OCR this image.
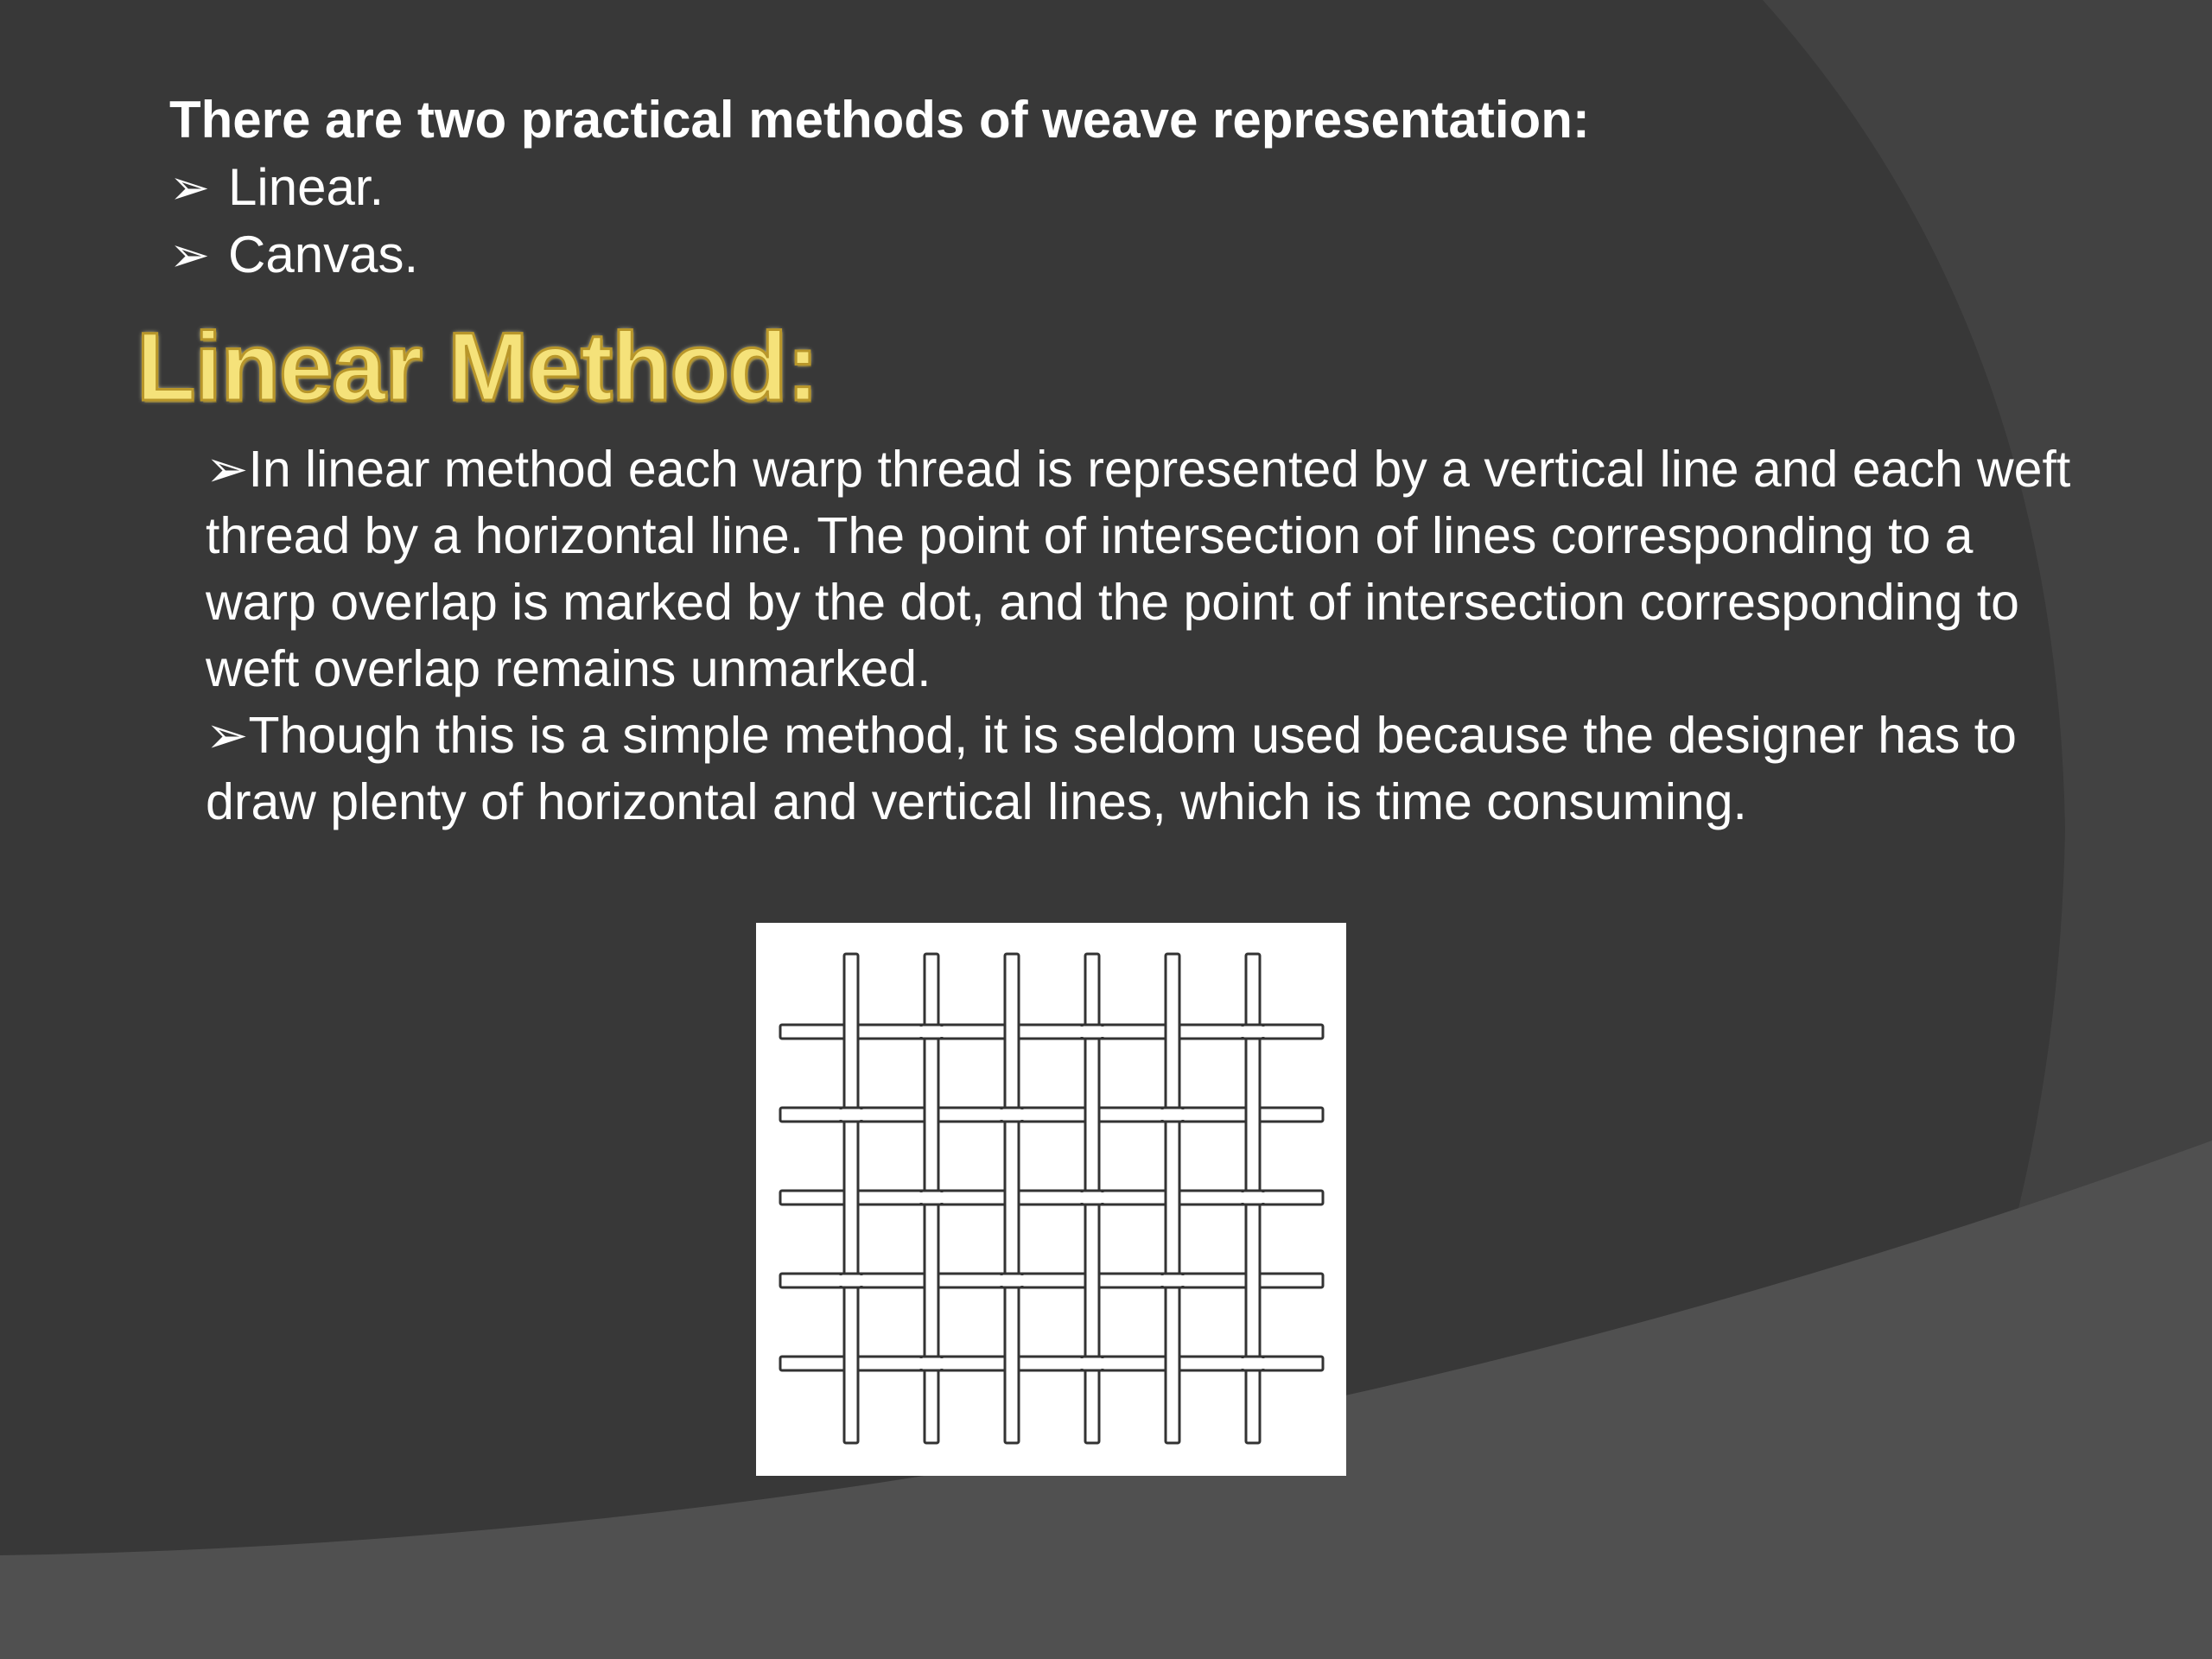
There are two practical methods of weave representation:

➢ Linear.

➢ Canvas.

Linear Method:

➢In linear method each warp thread is represented by a vertical line and each weft thread by a horizontal line. The point of intersection of lines corresponding to a warp overlap is marked by the dot, and the point of intersection corresponding to weft overlap remains unmarked.

➢Though this is a simple method, it is seldom used because the designer has to draw plenty of horizontal and vertical lines, which is time consuming.
